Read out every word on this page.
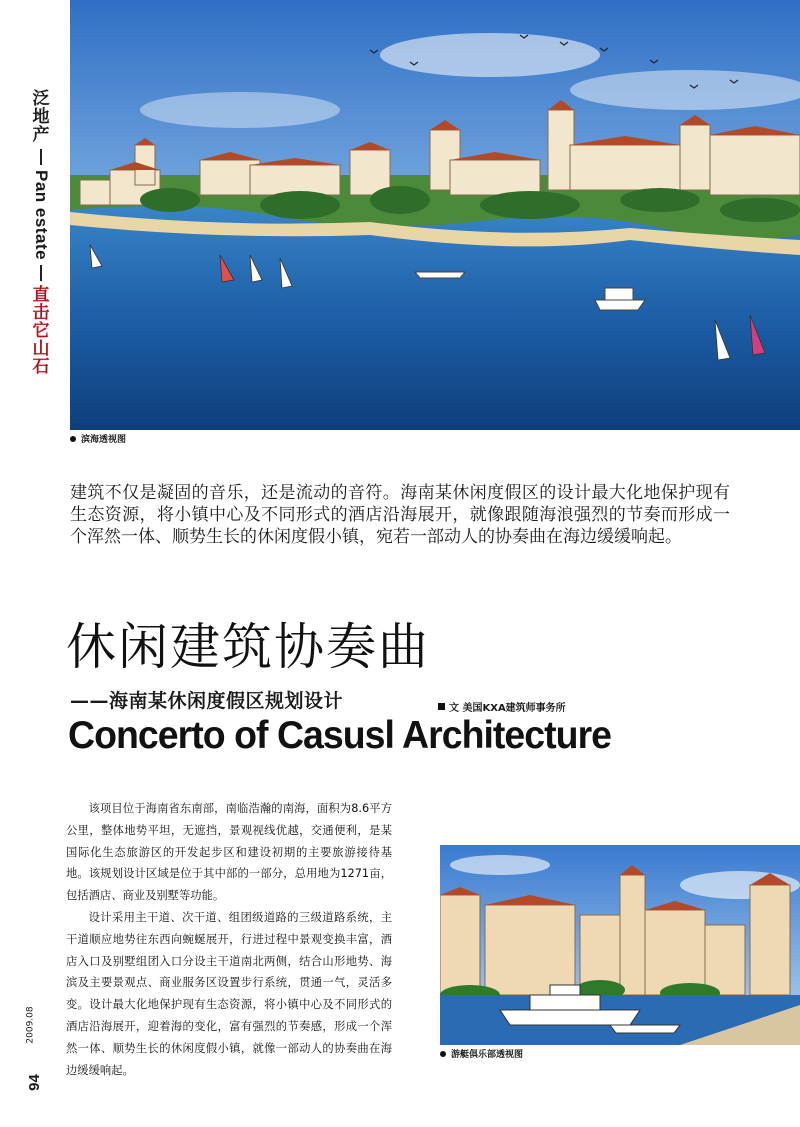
泛
地
产
Pan estate
直
击
它
山
石
滨海透视图
建筑不仅是凝固的音乐，还是流动的音符。海南某休闲度假区的设计最大化地保护现有生态资源，将小镇中心及不同形式的酒店沿海展开，就像跟随海浪强烈的节奏而形成一个浑然一体、顺势生长的休闲度假小镇，宛若一部动人的协奏曲在海边缓缓响起。
休闲建筑协奏曲
——海南某休闲度假区规划设计	文 美国KXA建筑师事务所
Concerto of Casusl Architecture

该项目位于海南省东南部，南临浩瀚的南海，面积为8.6平方公里，整体地势平坦，无遮挡，景观视线优越，交通便利，是某国际化生态旅游区的开发起步区和建设初期的主要旅游接待基地。该规划设计区域是位于其中部的一部分，总用地为1271亩，包括酒店、商业及别墅等功能。

设计采用主干道、次干道、组团级道路的三级道路系统，主干道顺应地势往东西向蜿蜒展开，行进过程中景观变换丰富，酒店入口及别墅组团入口分设主干道南北两侧，结合山形地势、海滨及主要景观点、商业服务区设置步行系统，贯通一气，灵活多变。设计最大化地保护现有生态资源，将小镇中心及不同形式的酒店沿海展开，迎着海的变化，富有强烈的节奏感，形成一个浑然一体、顺势生长的休闲度假小镇，就像一部动人的协奏曲在海边缓缓响起。

游艇俱乐部透视图
94
2009.08
